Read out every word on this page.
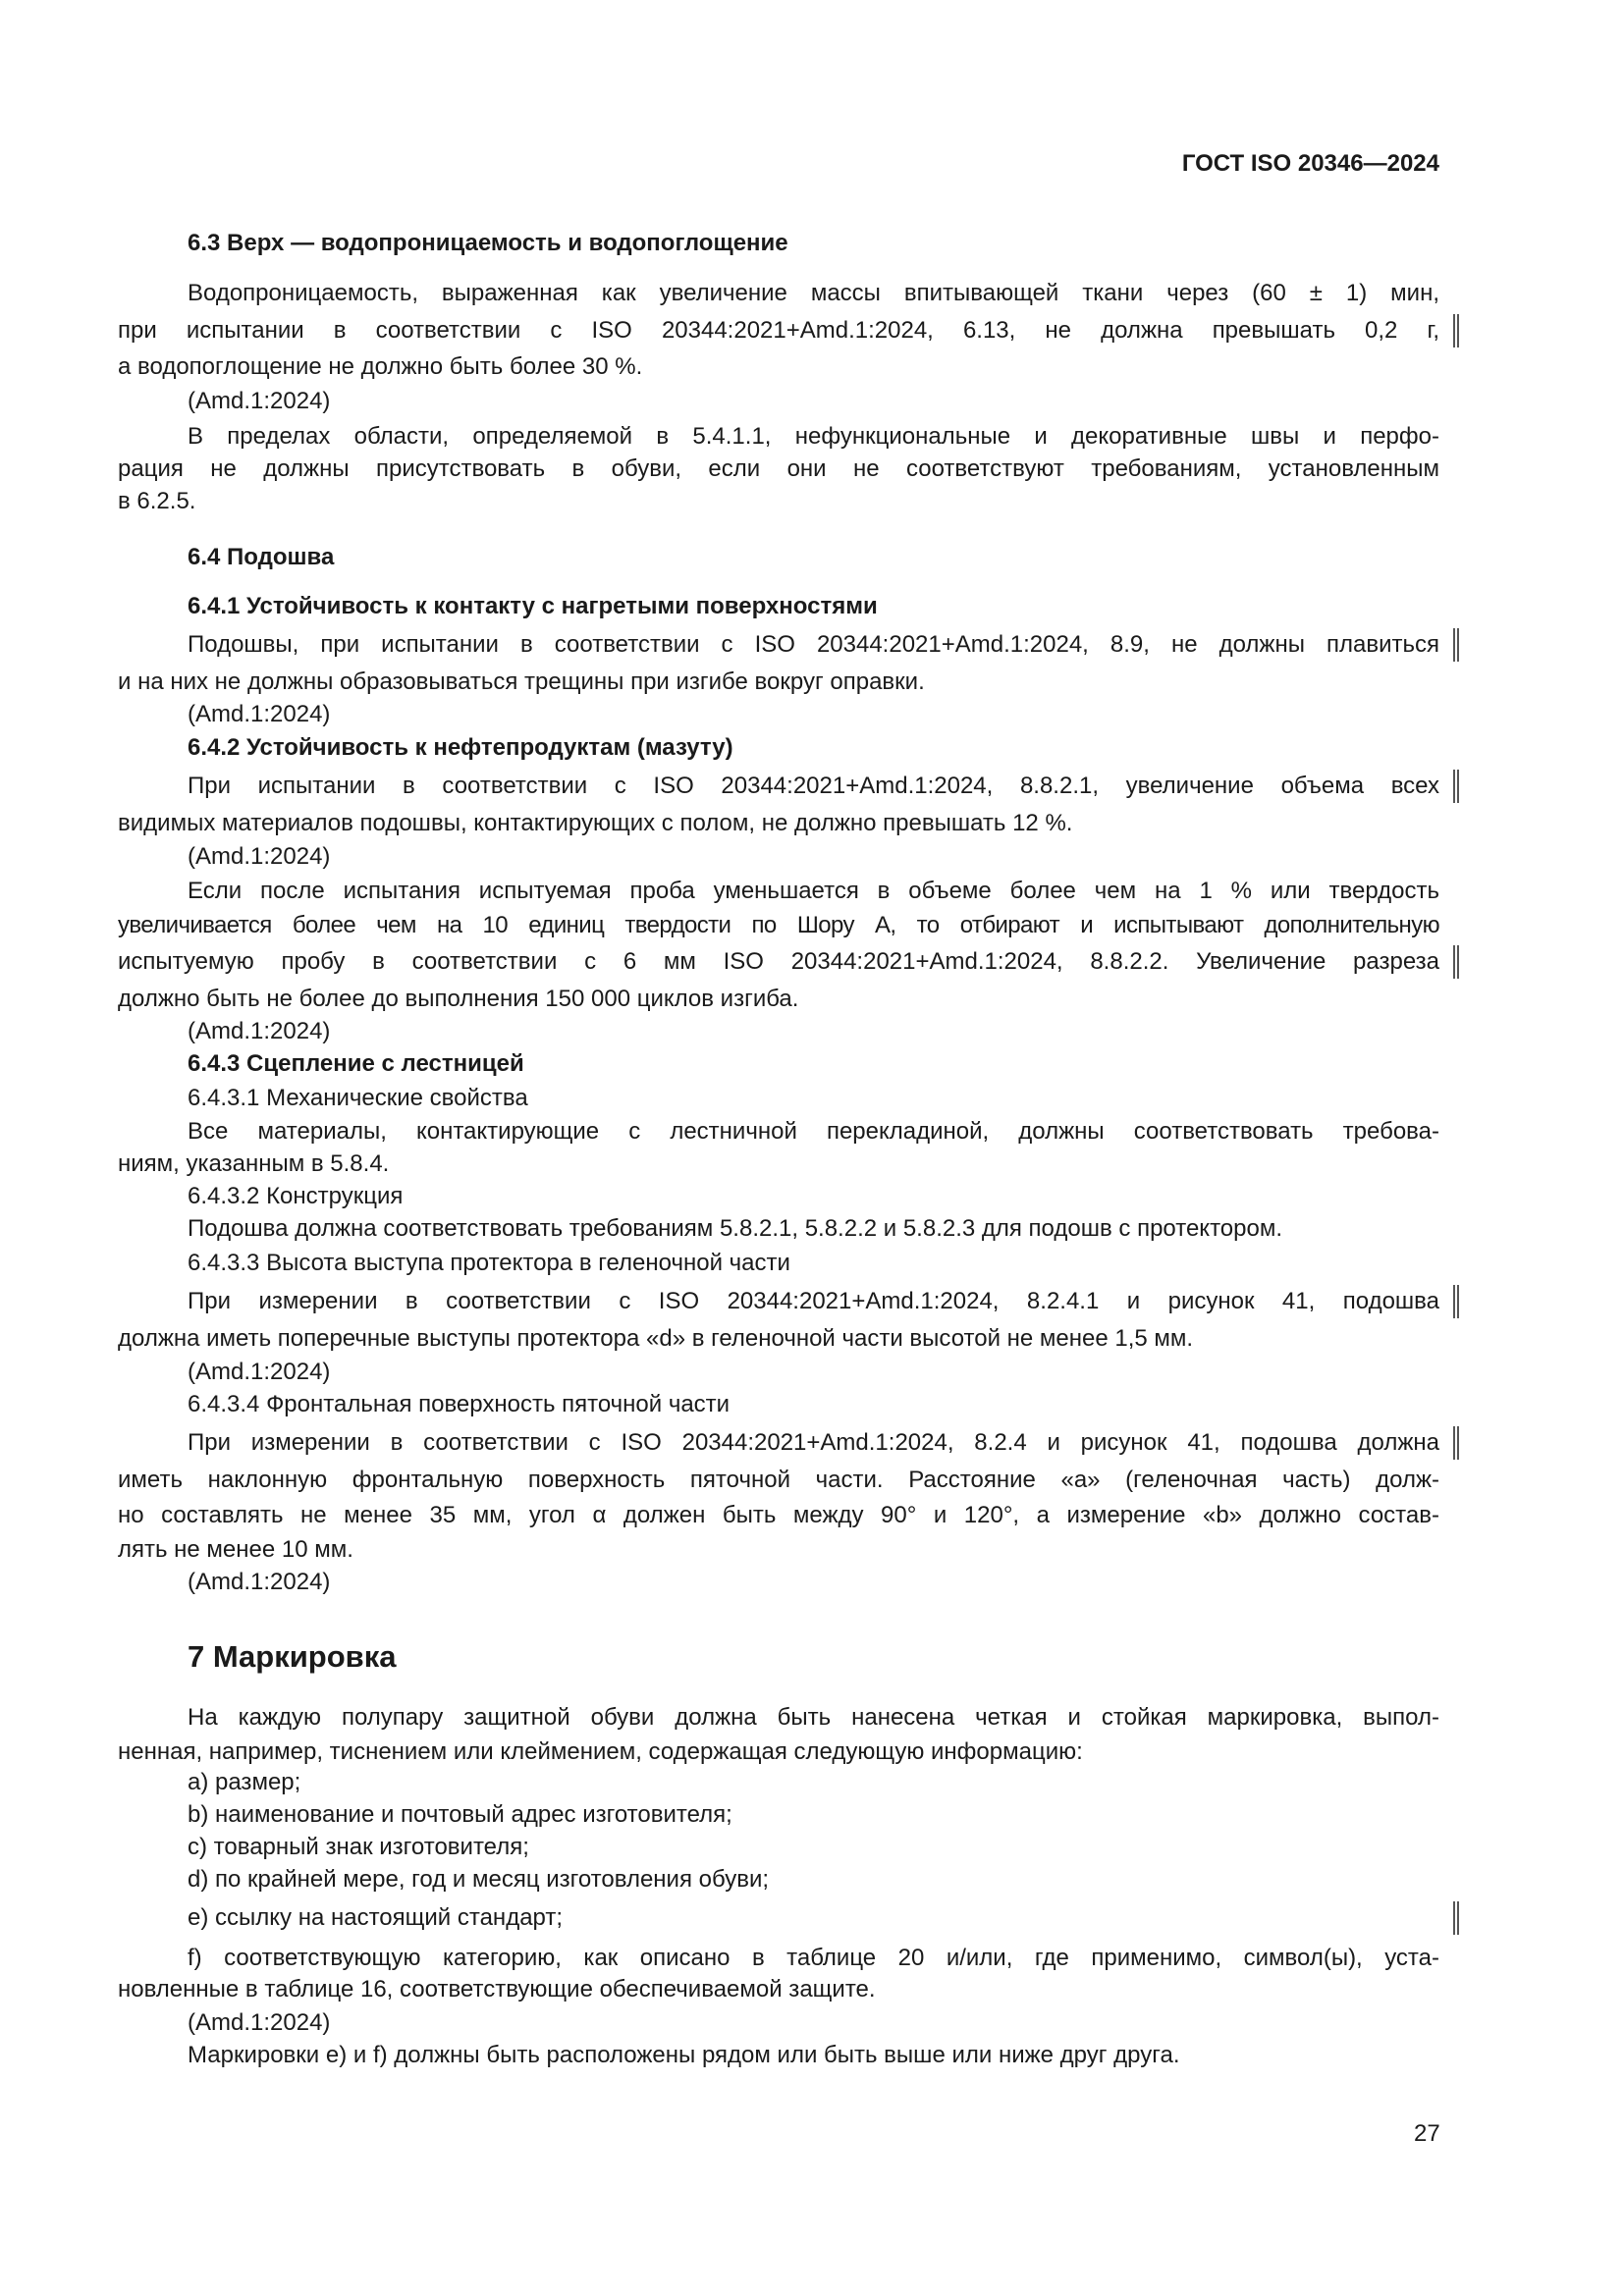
ГОСТ ISO 20346—2024
6.3 Верх — водопроницаемость и водопоглощение
Водопроницаемость, выраженная как увеличение массы впитывающей ткани через (60 ± 1) мин,
при испытании в соответствии с ISO 20344:2021+Amd.1:2024, 6.13, не должна превышать 0,2 г,
а водопоглощение не должно быть более 30 %.
(Amd.1:2024)
В пределах области, определяемой в 5.4.1.1, нефункциональные и декоративные швы и перфо-
рация не должны присутствовать в обуви, если они не соответствуют требованиям, установленным
в 6.2.5.
6.4 Подошва
6.4.1 Устойчивость к контакту с нагретыми поверхностями
Подошвы, при испытании в соответствии с ISO 20344:2021+Amd.1:2024, 8.9, не должны плавиться
и на них не должны образовываться трещины при изгибе вокруг оправки.
(Amd.1:2024)
6.4.2 Устойчивость к нефтепродуктам (мазуту)
При испытании в соответствии с ISO 20344:2021+Amd.1:2024, 8.8.2.1, увеличение объема всех
видимых материалов подошвы, контактирующих с полом, не должно превышать 12 %.
(Amd.1:2024)
Если после испытания испытуемая проба уменьшается в объеме более чем на 1 % или твердость
увеличивается более чем на 10 единиц твердости по Шору А, то отбирают и испытывают дополнительную
испытуемую пробу в соответствии с 6 мм ISO 20344:2021+Amd.1:2024, 8.8.2.2. Увеличение разреза
должно быть не более до выполнения 150 000 циклов изгиба.
(Amd.1:2024)
6.4.3 Сцепление с лестницей
6.4.3.1 Механические свойства
Все материалы, контактирующие с лестничной перекладиной, должны соответствовать требова-
ниям, указанным в 5.8.4.
6.4.3.2 Конструкция
Подошва должна соответствовать требованиям 5.8.2.1, 5.8.2.2 и 5.8.2.3 для подошв с протектором.
6.4.3.3 Высота выступа протектора в геленочной части
При измерении в соответствии с ISO 20344:2021+Amd.1:2024, 8.2.4.1 и рисунок 41, подошва
должна иметь поперечные выступы протектора «d» в геленочной части высотой не менее 1,5 мм.
(Amd.1:2024)
6.4.3.4 Фронтальная поверхность пяточной части
При измерении в соответствии с ISO 20344:2021+Amd.1:2024, 8.2.4 и рисунок 41, подошва должна
иметь наклонную фронтальную поверхность пяточной части. Расстояние «a» (геленочная часть) долж-
но составлять не менее 35 мм, угол α должен быть между 90° и 120°, а измерение «b» должно состав-
лять не менее 10 мм.
(Amd.1:2024)
7 Маркировка
На каждую полупару защитной обуви должна быть нанесена четкая и стойкая маркировка, выпол-
ненная, например, тиснением или клеймением, содержащая следующую информацию:
a) размер;
b) наименование и почтовый адрес изготовителя;
c) товарный знак изготовителя;
d) по крайней мере, год и месяц изготовления обуви;
e) ссылку на настоящий стандарт;
f) соответствующую категорию, как описано в таблице 20 и/или, где применимо, символ(ы), уста-
новленные в таблице 16, соответствующие обеспечиваемой защите.
(Amd.1:2024)
Маркировки e) и f) должны быть расположены рядом или быть выше или ниже друг друга.
27
